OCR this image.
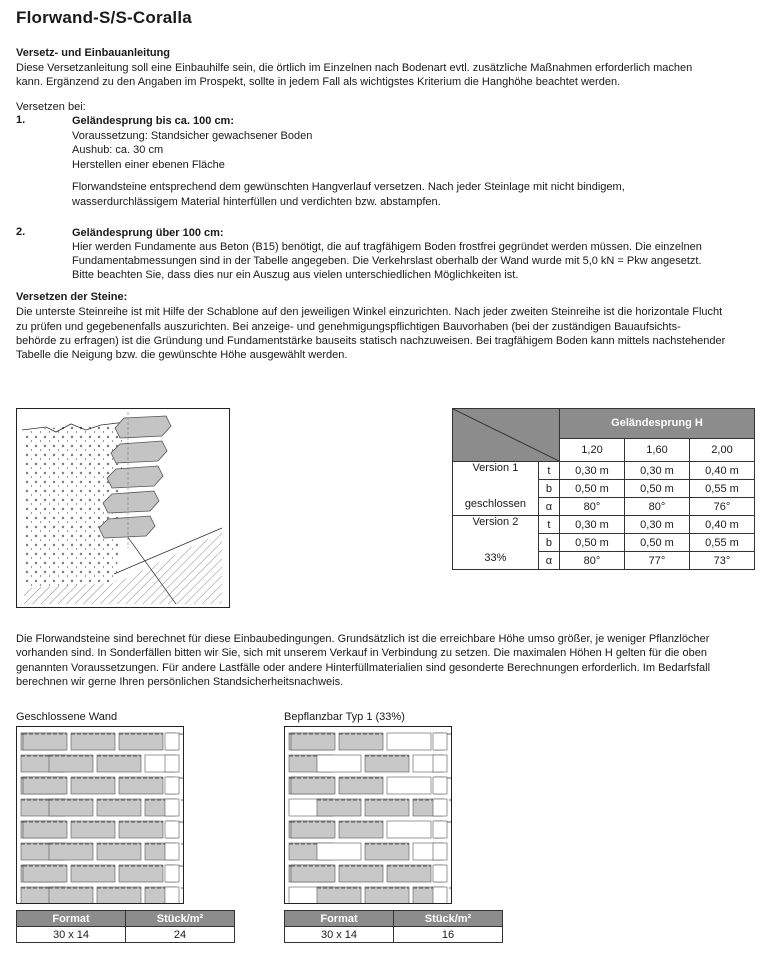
Florwand-S/S-Coralla
Versetz- und Einbauanleitung
Diese Versetzanleitung soll eine Einbauhilfe sein, die örtlich im Einzelnen nach Bodenart evtl. zusätzliche Maßnahmen erforderlich machen
kann. Ergänzend zu den Angaben im Prospekt, sollte in jedem Fall als wichtigstes Kriterium die Hanghöhe beachtet werden.
Versetzen bei:
1.	Geländesprung bis ca. 100 cm:
Voraussetzung: Standsicher gewachsener Boden
Aushub: ca. 30 cm
Herstellen einer ebenen Fläche
Florwandsteine entsprechend dem gewünschten Hangverlauf versetzen. Nach jeder Steinlage mit nicht bindigem,
wasserdurchlässigem Material hinterfüllen und verdichten bzw. abstampfen.
2.	Geländesprung über 100 cm:
Hier werden Fundamente aus Beton (B15) benötigt, die auf tragfähigem Boden frostfrei gegründet werden müssen. Die einzelnen
Fundamentabmessungen sind in der Tabelle angegeben. Die Verkehrslast oberhalb der Wand wurde mit 5,0 kN = Pkw angesetzt.
Bitte beachten Sie, dass dies nur ein Auszug aus vielen unterschiedlichen Möglichkeiten ist.
Versetzen der Steine:
Die unterste Steinreihe ist mit Hilfe der Schablone auf den jeweiligen Winkel einzurichten. Nach jeder zweiten Steinreihe ist die horizontale Flucht
zu prüfen und gegebenenfalls auszurichten. Bei anzeige- und genehmigungspflichtigen Bauvorhaben (bei der zuständigen Bauaufsichts-
behörde zu erfragen) ist die Gründung und Fundamentstärke bauseits statisch nachzuweisen. Bei tragfähigem Boden kann mittels nachstehender
Tabelle die Neigung bzw. die gewünschte Höhe ausgewählt werden.
	Geländesprung H		
		1,20	1,60	2,00
Version 1	t	0,30 m	0,30 m	0,40 m
	b	0,50 m	0,50 m	0,55 m
geschlossen	α	80°	80°	76°
Version 2	t	0,30 m	0,30 m	0,40 m
	b	0,50 m	0,50 m	0,55 m
33%	α	80°	77°	73°
Die Florwandsteine sind berechnet für diese Einbaubedingungen. Grundsätzlich ist die erreichbare Höhe umso größer, je weniger Pflanzlöcher
vorhanden sind. In Sonderfällen bitten wir Sie, sich mit unserem Verkauf in Verbindung zu setzen. Die maximalen Höhen H gelten für die oben
genannten Voraussetzungen. Für andere Lastfälle oder andere Hinterfüllmaterialien sind gesonderte Berechnungen erforderlich. Im Bedarfsfall
berechnen wir gerne Ihren persönlichen Standsicherheitsnachweis.
Geschlossene Wand
Format	Stück/m²
30 x 14	24
Bepflanzbar Typ 1 (33%)
Format	Stück/m²
30 x 14	16
